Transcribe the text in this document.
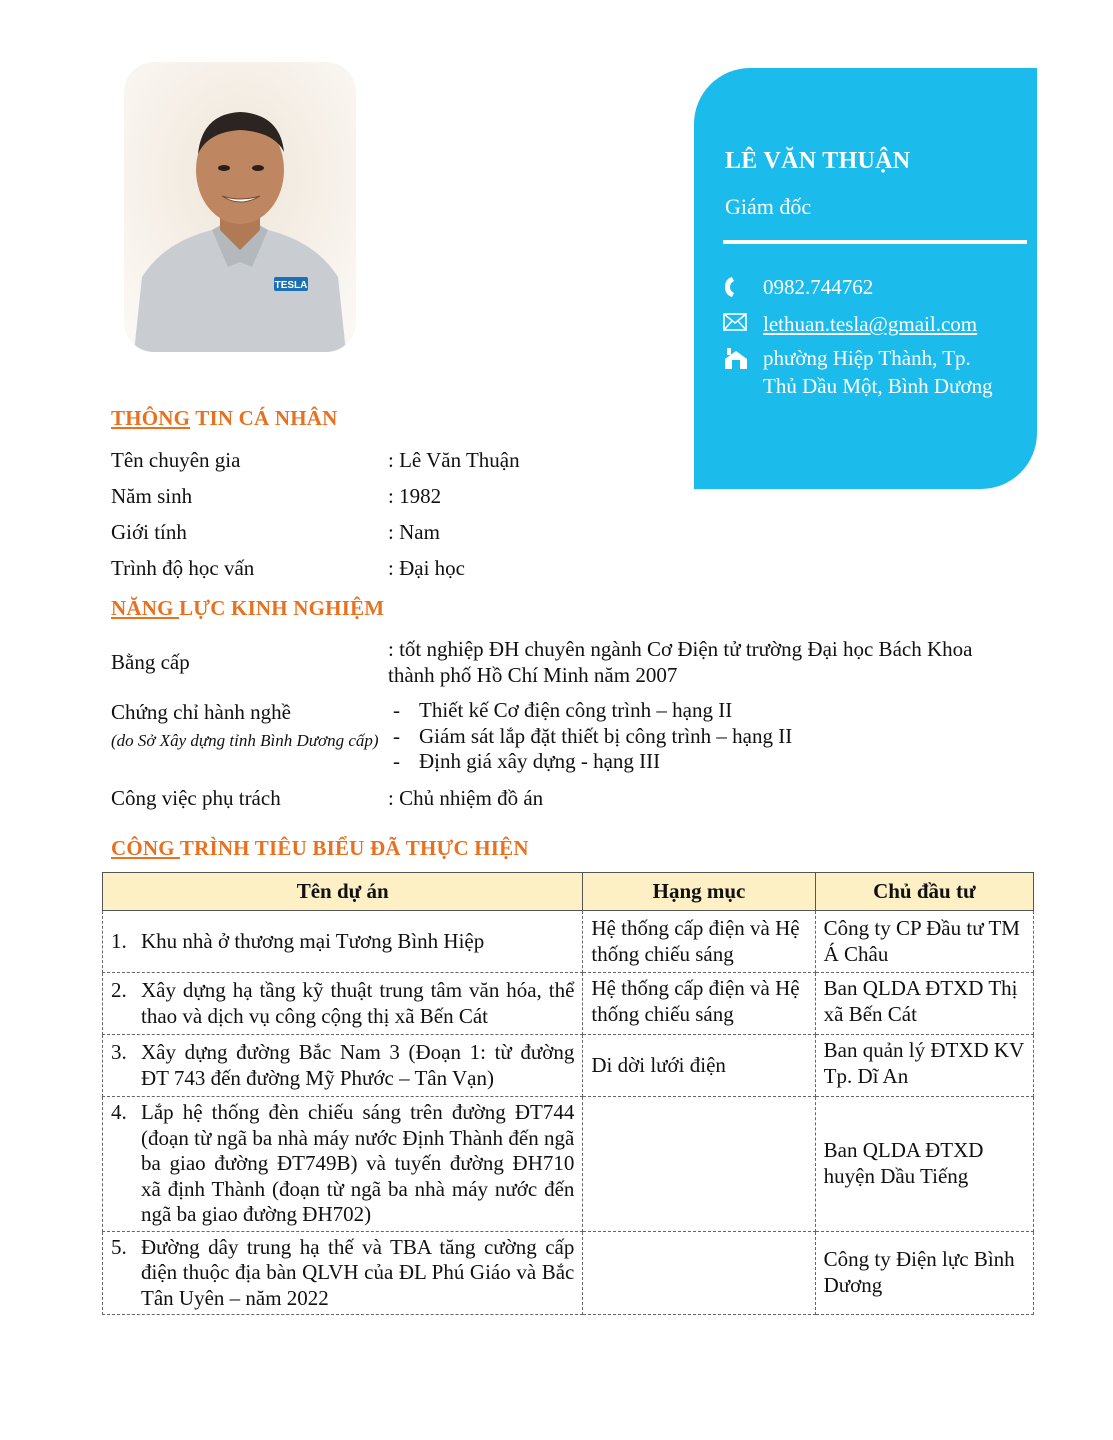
TESLA
LÊ VĂN THUẬN
Giám đốc
0982.744762
lethuan.tesla@gmail.com
phường Hiệp Thành, Tp.
Thủ Dầu Một, Bình Dương
THÔNG TIN CÁ NHÂN
Tên chuyên gia	: Lê Văn Thuận
Năm sinh	: 1982
Giới tính	: Nam
Trình độ học vấn	: Đại học
NĂNG LỰC KINH NGHIỆM
Bằng cấp
: tốt nghiệp ĐH chuyên ngành Cơ Điện tử trường Đại học Bách Khoa
thành phố Hồ Chí Minh năm 2007
Chứng chỉ hành nghề
(do Sở Xây dựng tỉnh Bình Dương cấp)
- Thiết kế Cơ điện công trình – hạng II
- Giám sát lắp đặt thiết bị công trình – hạng II
- Định giá xây dựng - hạng III
Công việc phụ trách	: Chủ nhiệm đồ án
CÔNG TRÌNH TIÊU BIỂU ĐÃ THỰC HIỆN
Tên dự án	Hạng mục	Chủ đầu tư

1. Khu nhà ở thương mại Tương Bình Hiệp	Hệ thống cấp điện và Hệ thống chiếu sáng	Công ty CP Đầu tư TM Á Châu

2. Xây dựng hạ tầng kỹ thuật trung tâm văn hóa, thể thao và dịch vụ công cộng thị xã Bến Cát	Hệ thống cấp điện và Hệ thống chiếu sáng	Ban QLDA ĐTXD Thị xã Bến Cát

3. Xây dựng đường Bắc Nam 3 (Đoạn 1: từ đường ĐT 743 đến đường Mỹ Phước – Tân Vạn)	Di dời lưới điện	Ban quản lý ĐTXD KV Tp. Dĩ An

4. Lắp hệ thống đèn chiếu sáng trên đường ĐT744 (đoạn từ ngã ba nhà máy nước Định Thành đến ngã ba giao đường ĐT749B) và tuyến đường ĐH710 xã định Thành (đoạn từ ngã ba nhà máy nước đến ngã ba giao đường ĐH702)		Ban QLDA ĐTXD huyện Dầu Tiếng

5. Đường dây trung hạ thế và TBA tăng cường cấp điện thuộc địa bàn QLVH của ĐL Phú Giáo và Bắc Tân Uyên – năm 2022		Công ty Điện lực Bình Dương
